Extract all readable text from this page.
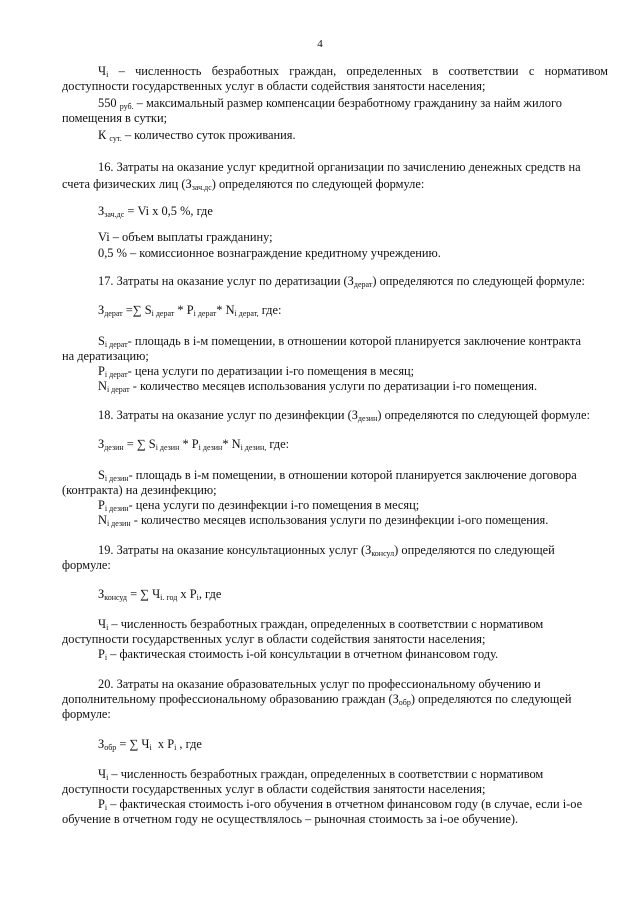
4
$Ч_i$ – численность безработных граждан, определенных в соответствии с нормативом
доступности государственных услуг в области содействия занятости населения;
550 $_{руб.}$ – максимальный размер компенсации безработному гражданину за найм жилого
помещения в сутки;
К $_{сут.}$ – количество суток проживания.
16. Затраты на оказание услуг кредитной организации по зачислению денежных средств на
счета физических лиц $(З_{зач.дс})$ определяются по следующей формуле:
$З_{зач.дс} = Vi$ x 0,5 %, где
Vi – объем выплаты гражданину;
0,5 % – комиссионное вознаграждение кредитному учреждению.
17. Затраты на оказание услуг по дератизации $(З_{дерат})$ определяются по следующей формуле:
$З_{дерат}$ =∑ $S_{i дерат} * P_{i дерат}*$ $N_{i дерат,}$ где:
$S_{i дерат}-$ площадь в i-м помещении, в отношении которой планируется заключение контракта
на дератизацию;
$P_{i дерат}-$ цена услуги по дератизации i-го помещения в месяц;
$N_{i дерат}$ - количество месяцев использования услуги по дератизации i-го помещения.
18. Затраты на оказание услуг по дезинфекции $(З_{дезин})$ определяются по следующей формуле:
$З_{дезин}$ = ∑ $S_{i дезин} * P_{i дезин}*$ $N_{i дезин,}$ где:
$S_{i дезин}-$ площадь в i-м помещении, в отношении которой планируется заключение договора
(контракта) на дезинфекцию;
$P_{i дезин}-$ цена услуги по дезинфекции i-го помещения в месяц;
$N_{i дезин}$ - количество месяцев использования услуги по дезинфекции i-ого помещения.
19. Затраты на оказание консультационных услуг $(З_{консул})$ определяются по следующей
формуле:
$З_{консуд}$ = ∑ $Ч_{i. год}$ x $P_i$, где
$Ч_i$ – численность безработных граждан, определенных в соответствии с нормативом
доступности государственных услуг в области содействия занятости населения;
$P_i$ – фактическая стоимость i-ой консультации в отчетном финансовом году.
20. Затраты на оказание образовательных услуг по профессиональному обучению и
дополнительному профессиональному образованию граждан $(З_{обр})$ определяются по следующей
формуле:
$З_{обр}$ = ∑ $Ч_i$  x $P_i$ , где
$Ч_i$ – численность безработных граждан, определенных в соответствии с нормативом
доступности государственных услуг в области содействия занятости населения;
$P_i$ – фактическая стоимость i-ого обучения в отчетном финансовом году (в случае, если i-ое
обучение в отчетном году не осуществлялось – рыночная стоимость за i-ое обучение).
